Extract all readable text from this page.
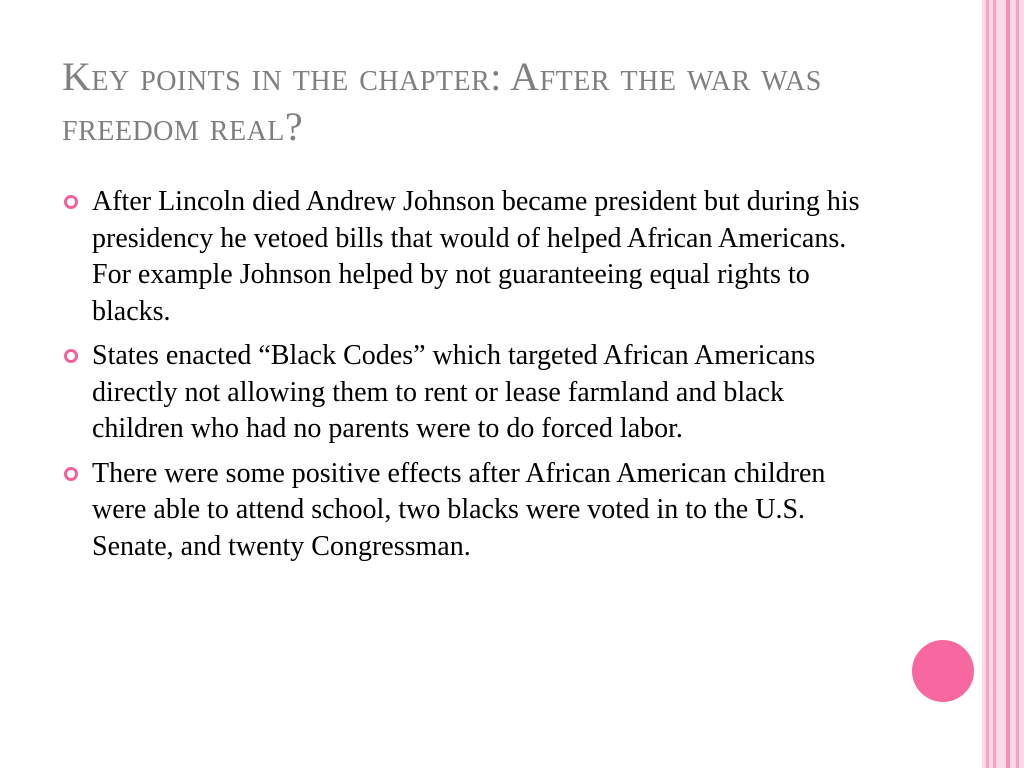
Key points in the chapter: After the war was freedom real?
After Lincoln died Andrew Johnson became president but during his presidency he vetoed bills that would of helped African Americans. For example Johnson helped by not guaranteeing equal rights to blacks.
States enacted “Black Codes” which targeted African Americans directly not allowing them to rent or lease farmland and black children who had no parents were to do forced labor.
There were some positive effects after African American children were able to attend school, two blacks were voted in to the U.S. Senate, and twenty Congressman.
